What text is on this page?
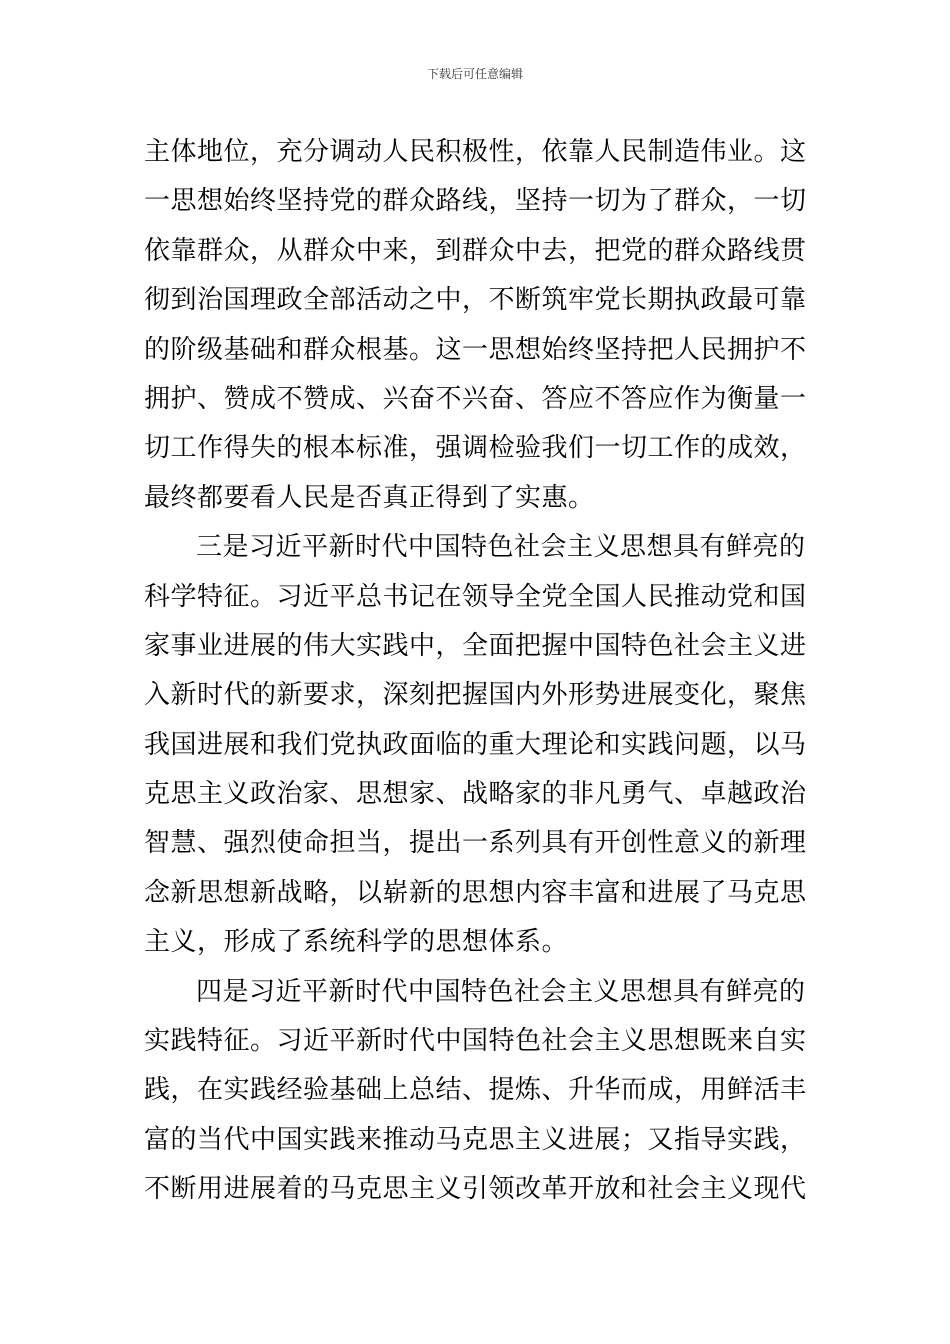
下载后可任意编辑
主体地位，充分调动人民积极性，依靠人民制造伟业。这
一思想始终坚持党的群众路线，坚持一切为了群众，一切
依靠群众，从群众中来，到群众中去，把党的群众路线贯
彻到治国理政全部活动之中，不断筑牢党长期执政最可靠
的阶级基础和群众根基。这一思想始终坚持把人民拥护不
拥护、赞成不赞成、兴奋不兴奋、答应不答应作为衡量一
切工作得失的根本标准，强调检验我们一切工作的成效，
最终都要看人民是否真正得到了实惠。
三是习近平新时代中国特色社会主义思想具有鲜亮的
科学特征。习近平总书记在领导全党全国人民推动党和国
家事业进展的伟大实践中，全面把握中国特色社会主义进
入新时代的新要求，深刻把握国内外形势进展变化，聚焦
我国进展和我们党执政面临的重大理论和实践问题，以马
克思主义政治家、思想家、战略家的非凡勇气、卓越政治
智慧、强烈使命担当，提出一系列具有开创性意义的新理
念新思想新战略，以崭新的思想内容丰富和进展了马克思
主义，形成了系统科学的思想体系。
四是习近平新时代中国特色社会主义思想具有鲜亮的
实践特征。习近平新时代中国特色社会主义思想既来自实
践，在实践经验基础上总结、提炼、升华而成，用鲜活丰
富的当代中国实践来推动马克思主义进展；又指导实践，
不断用进展着的马克思主义引领改革开放和社会主义现代
